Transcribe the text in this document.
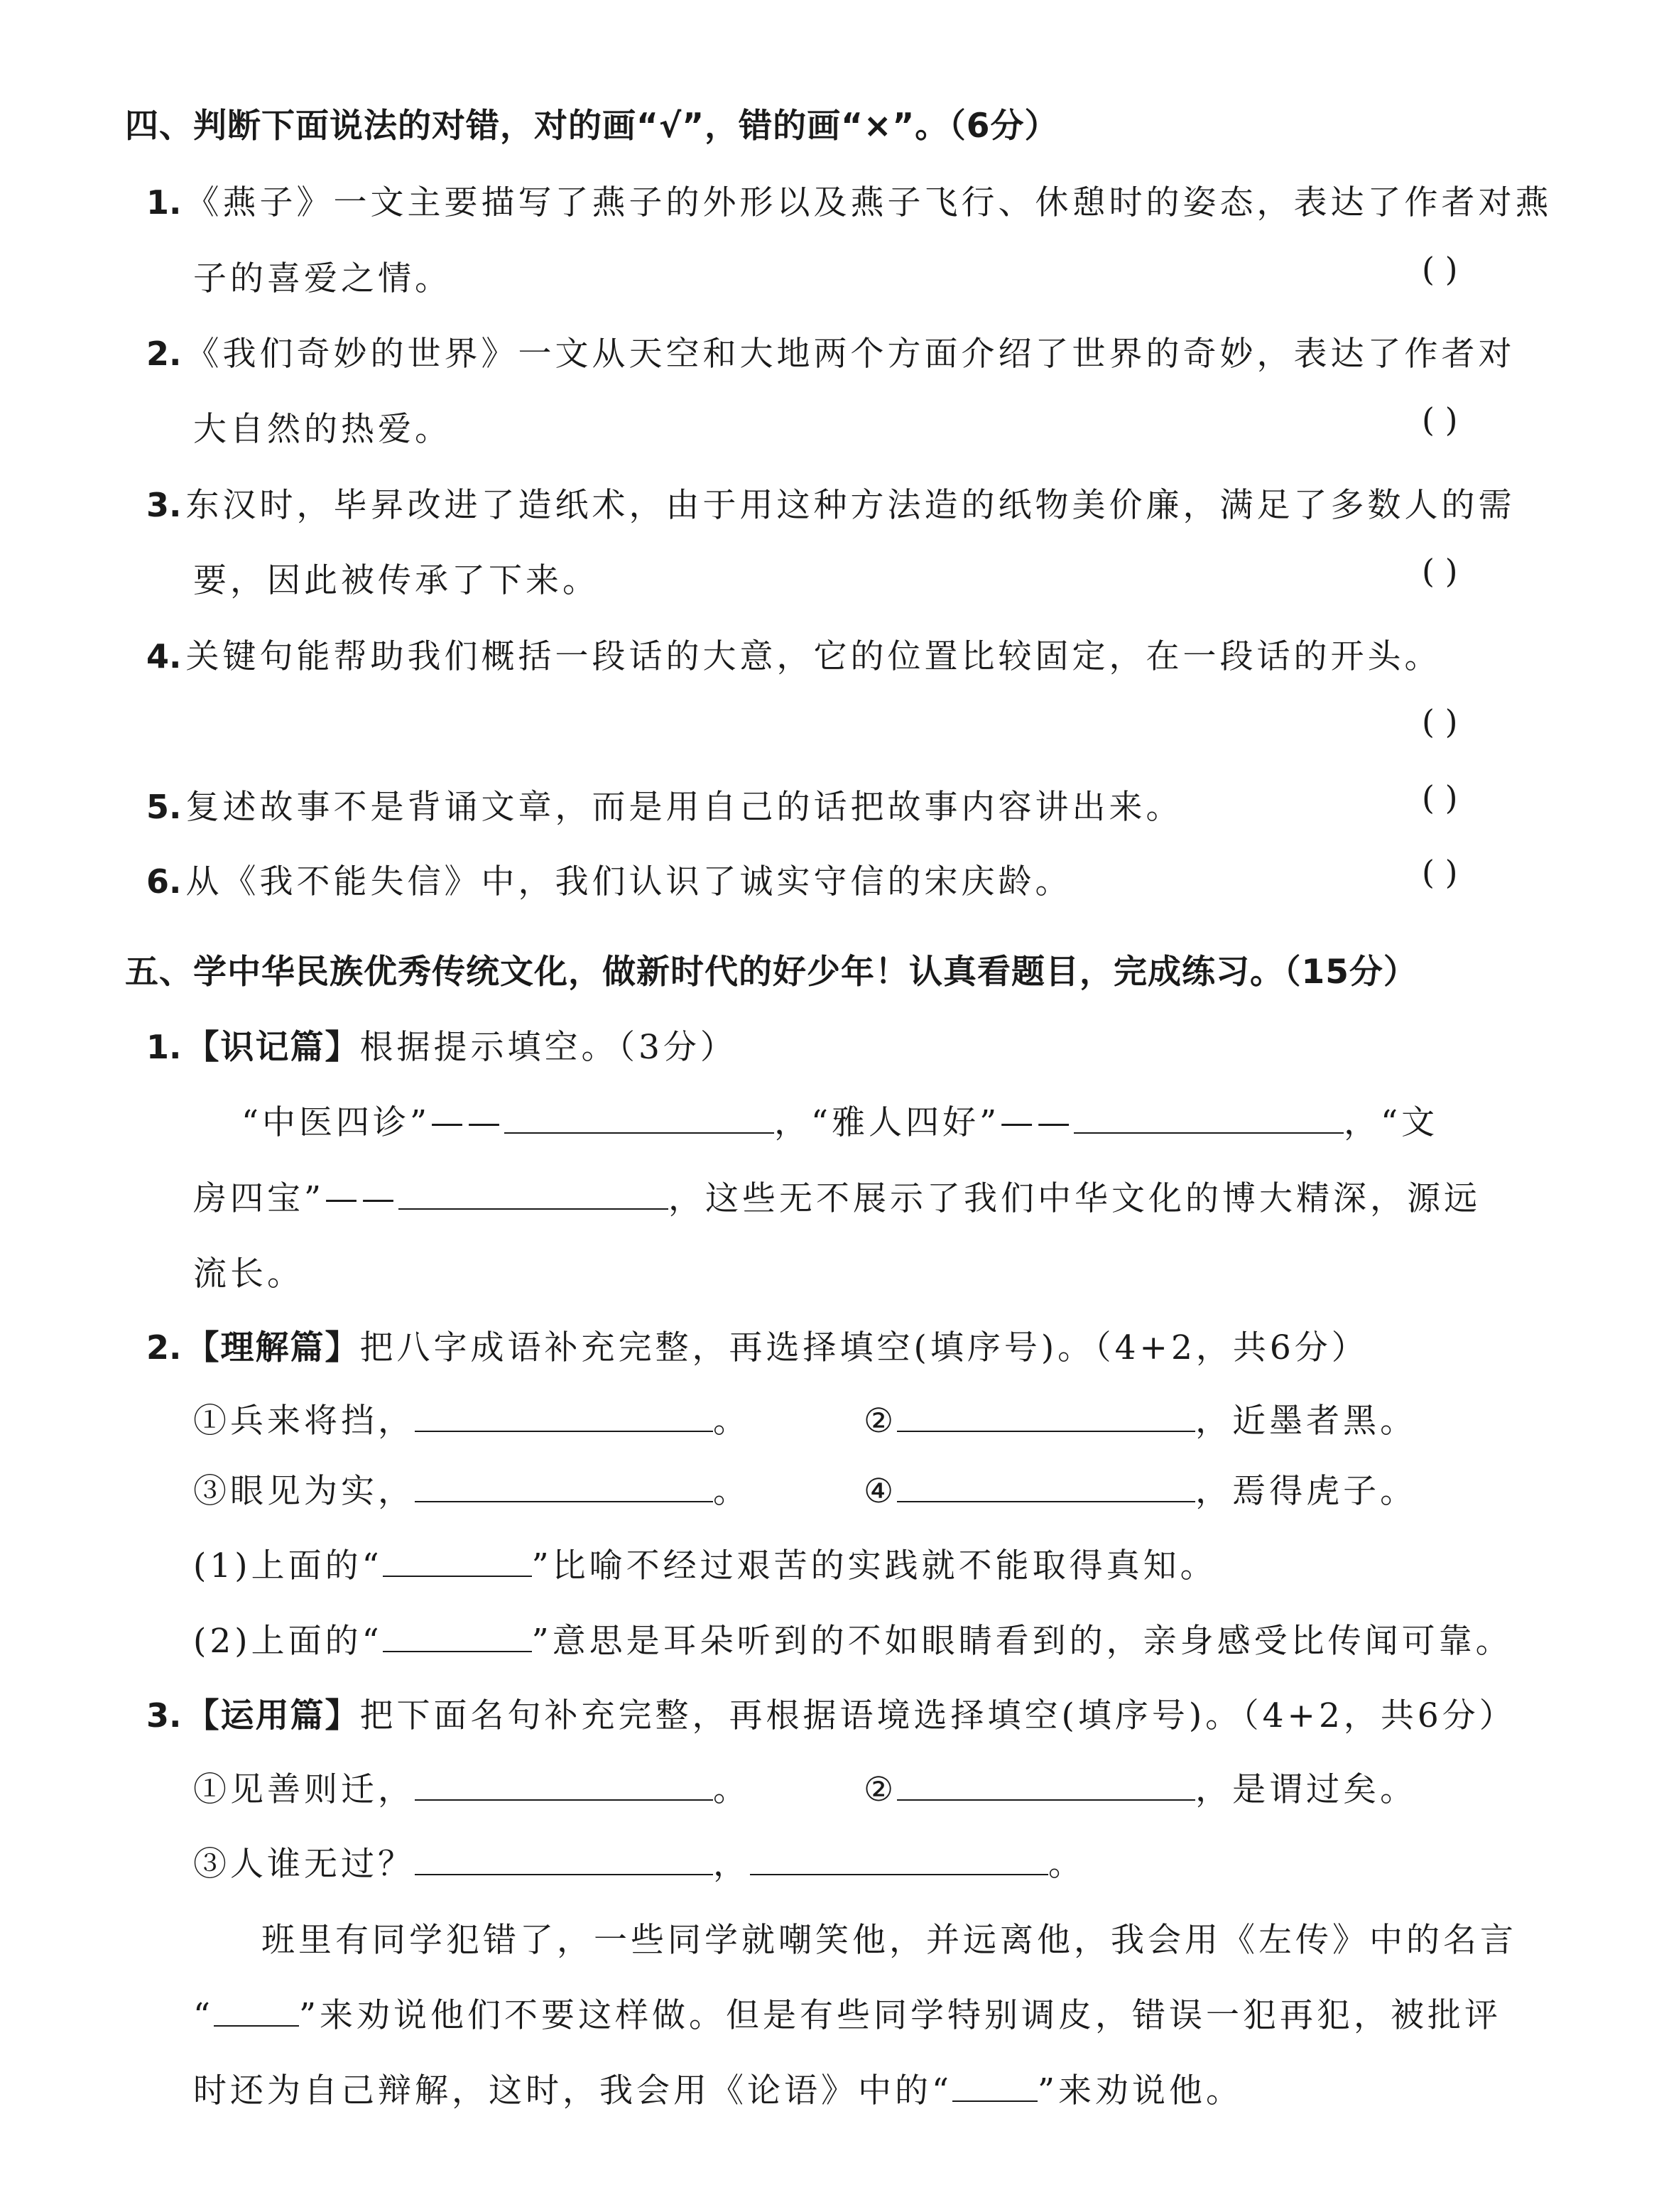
四、判断下面说法的对错，对的画“√”，错的画“×”。（6分）
1. 《燕子》一文主要描写了燕子的外形以及燕子飞行、休憩时的姿态，表达了作者对燕
子的喜爱之情。	( )
2. 《我们奇妙的世界》一文从天空和大地两个方面介绍了世界的奇妙，表达了作者对
大自然的热爱。	( )
3. 东汉时，毕昇改进了造纸术，由于用这种方法造的纸物美价廉，满足了多数人的需
要，因此被传承了下来。	( )
4. 关键句能帮助我们概括一段话的大意，它的位置比较固定，在一段话的开头。
( )
5. 复述故事不是背诵文章，而是用自己的话把故事内容讲出来。	( )
6. 从《我不能失信》中，我们认识了诚实守信的宋庆龄。	( )
五、学中华民族优秀传统文化，做新时代的好少年！认真看题目，完成练习。（15分）
1. 【识记篇】根据提示填空。（3分）
“中医四诊”——	，“雅人四好”——	，“文
房四宝”——	，这些无不展示了我们中华文化的博大精深，源远
流长。
2. 【理解篇】把八字成语补充完整，再选择填空(填序号)。（4+2，共6分）
①兵来将挡，	。	②	，近墨者黑。
③眼见为实，	。	④	，焉得虎子。
(1)上面的“	”比喻不经过艰苦的实践就不能取得真知。
(2)上面的“	”意思是耳朵听到的不如眼睛看到的，亲身感受比传闻可靠。
3. 【运用篇】把下面名句补充完整，再根据语境选择填空(填序号)。（4+2，共6分）
①见善则迁，	。	②	，是谓过矣。
③人谁无过？	，	。
班里有同学犯错了，一些同学就嘲笑他，并远离他，我会用《左传》中的名言
“	”来劝说他们不要这样做。但是有些同学特别调皮，错误一犯再犯，被批评
时还为自己辩解，这时，我会用《论语》中的“	”来劝说他。
